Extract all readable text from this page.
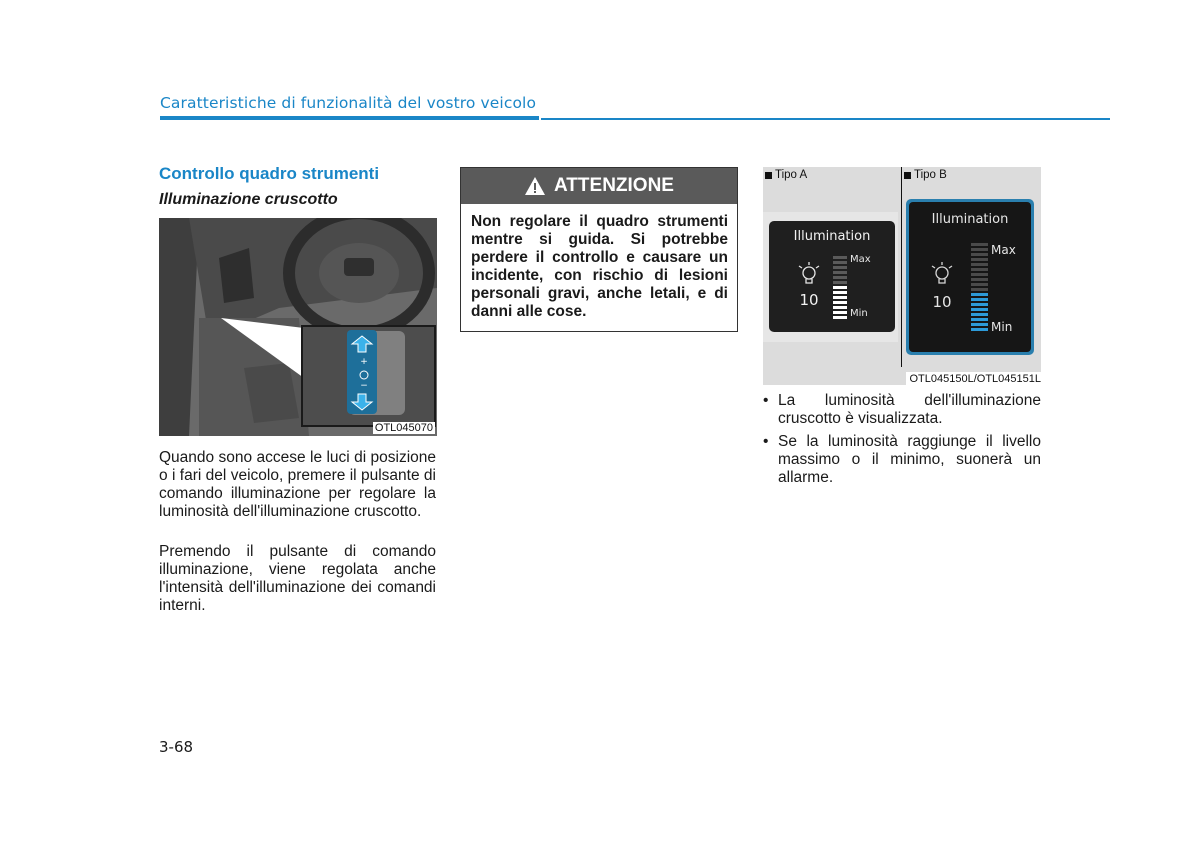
Caratteristiche di funzionalità del vostro veicolo
Controllo quadro strumenti
Illuminazione cruscotto
+
−
OTL045070
Quando sono accese le luci di posizione o i fari del veicolo, premere il pulsante di comando illuminazione per regolare la luminosità dell'illuminazione cruscotto.
Premendo il pulsante di comando illuminazione, viene regolata anche l'intensità dell'illuminazione dei comandi interni.
ATTENZIONE
Non regolare il quadro strumenti mentre si guida. Si potrebbe perdere il controllo e causare un incidente, con rischio di lesioni personali gravi, anche letali, e di danni alle cose.
Tipo A	Tipo B
Illumination
10
Max
Min
Illumination
10
Max
Min
OTL045150L/OTL045151L
• La luminosità dell'illuminazione cruscotto è visualizzata.
• Se la luminosità raggiunge il livello massimo o il minimo, suonerà un allarme.
3-68
